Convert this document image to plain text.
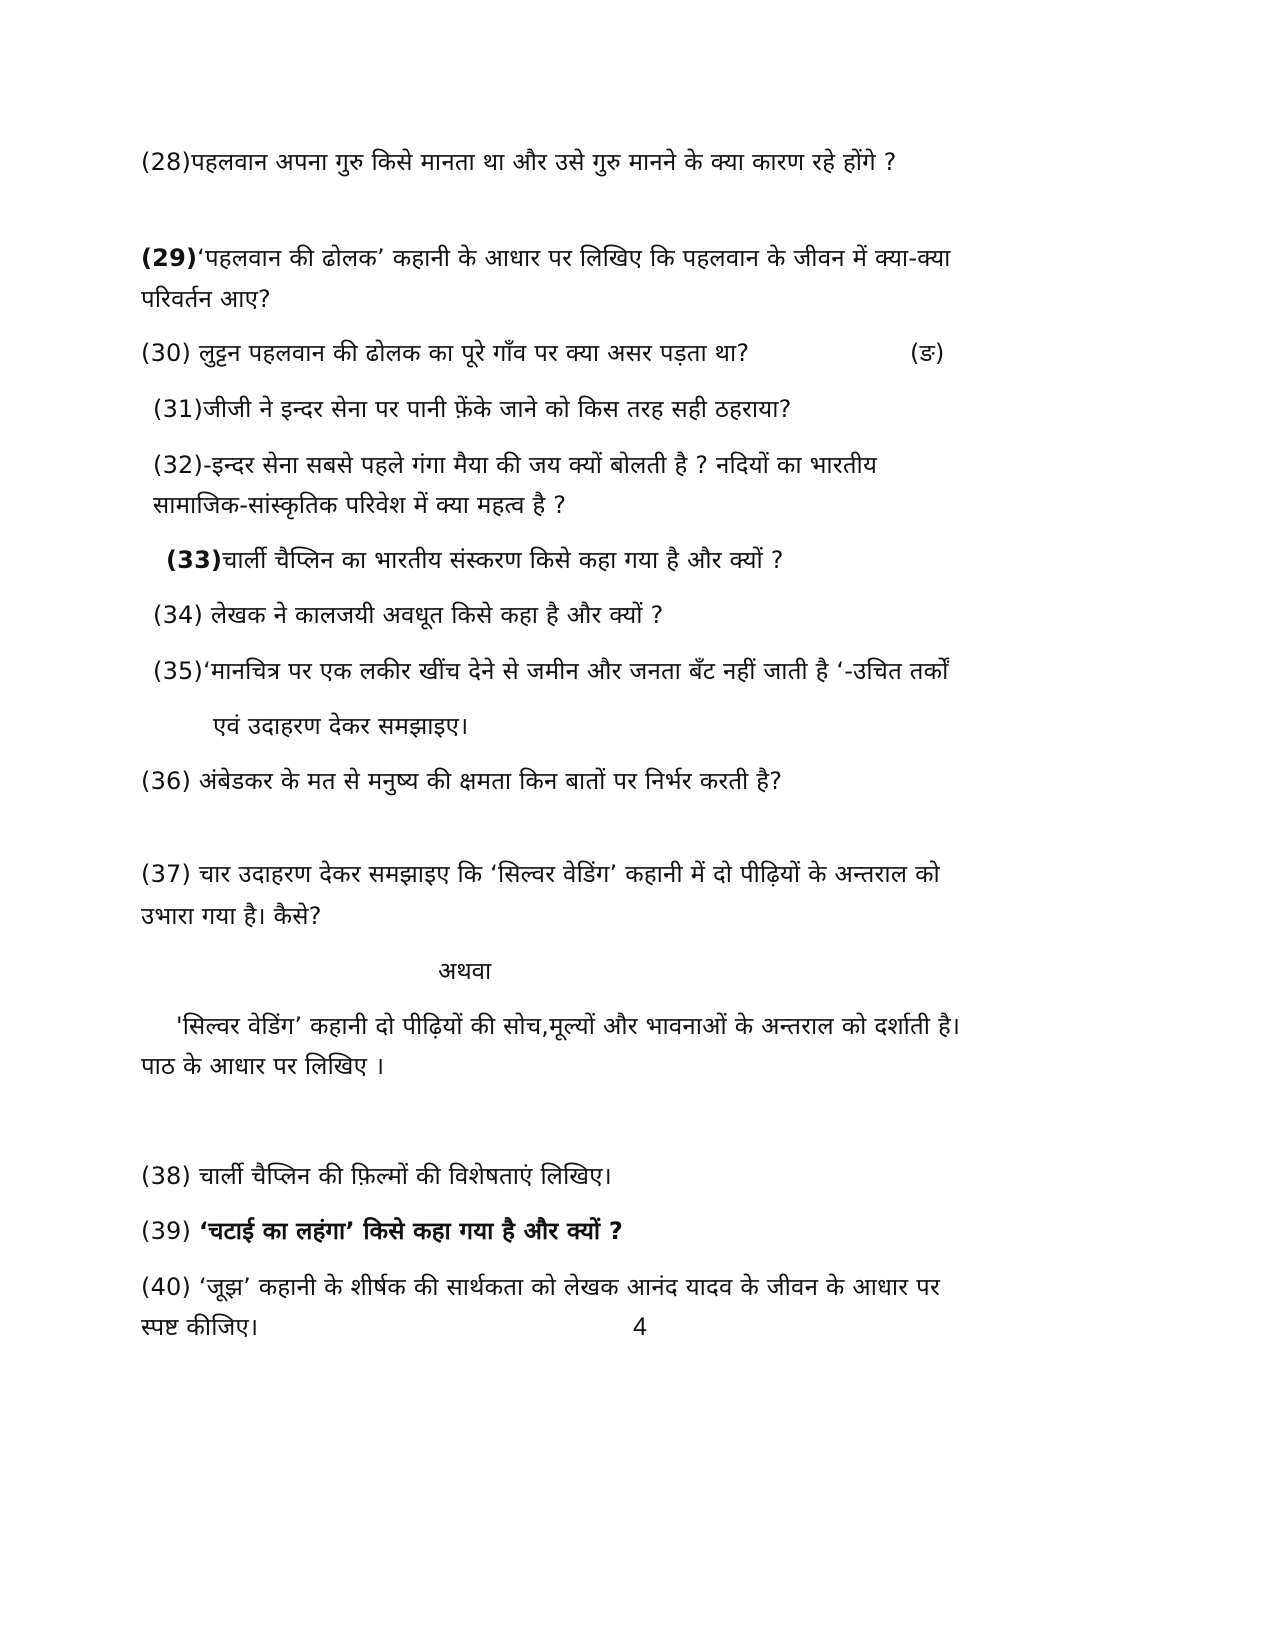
(28)पहलवान अपना गुरु किसे मानता था और उसे गुरु मानने के क्या कारण रहे होंगे ?
(29)‘पहलवान की ढोलक’ कहानी के आधार पर लिखिए कि पहलवान के जीवन में क्या-क्या
परिवर्तन आए?
(30) लुट्टन पहलवान की ढोलक का पूरे गाँव पर क्या असर पड़ता था?	(ङ)
(31)जीजी ने इन्दर सेना पर पानी फ़ेंके जाने को किस तरह सही ठहराया?
(32)-इन्दर सेना सबसे पहले गंगा मैया की जय क्यों बोलती है ? नदियों का भारतीय
सामाजिक-सांस्कृतिक परिवेश में क्या महत्व है ?
(33)चार्ली चैप्लिन का भारतीय संस्करण किसे कहा गया है और क्यों ?
(34) लेखक ने कालजयी अवधूत किसे कहा है और क्यों ?
(35)‘मानचित्र पर एक लकीर खींच देने से जमीन और जनता बँट नहीं जाती है ‘-उचित तर्कों
एवं उदाहरण देकर समझाइए।
(36) अंबेडकर के मत से मनुष्य की क्षमता किन बातों पर निर्भर करती है?
(37) चार उदाहरण देकर समझाइए कि ‘सिल्वर वेडिंग’ कहानी में दो पीढ़ियों के अन्तराल को
उभारा गया है। कैसे?
अथवा
'सिल्वर वेडिंग’ कहानी दो पीढ़ियों की सोच,मूल्यों और भावनाओं के अन्तराल को दर्शाती है।
पाठ के आधार पर लिखिए ।
(38) चार्ली चैप्लिन की फ़िल्मों की विशेषताएं लिखिए।
(39) ‘चटाई का लहंगा’ किसे कहा गया है और क्यों ?
(40) ‘जूझ’ कहानी के शीर्षक की सार्थकता को लेखक आनंद यादव के जीवन के आधार पर
स्पष्ट कीजिए।	4
